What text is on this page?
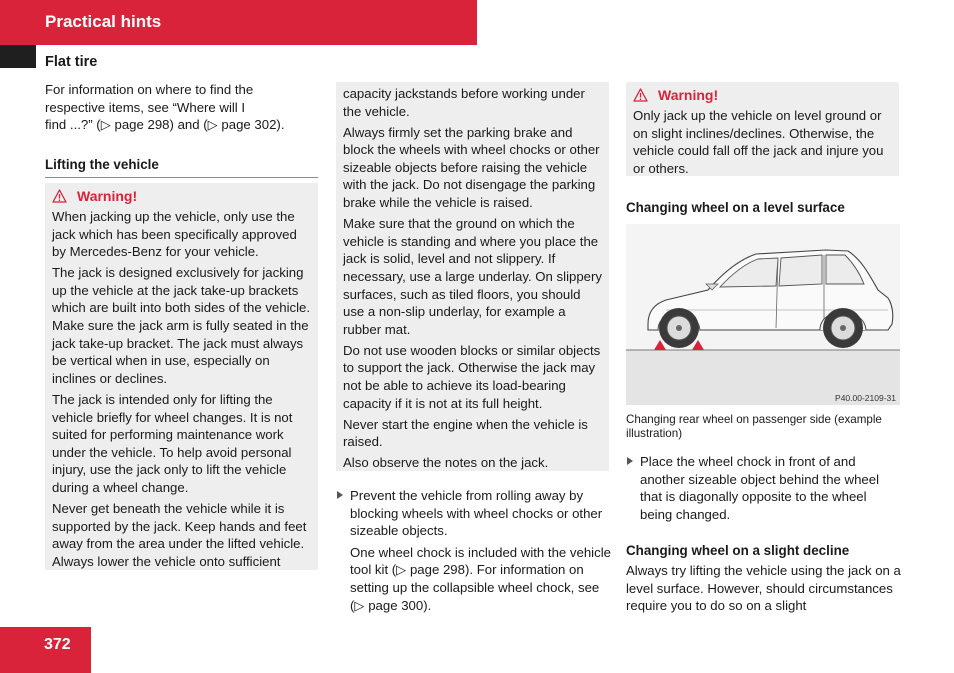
Practical hints
Flat tire

For information on where to find the
respective items, see “Where will I
find ...?” (▷ page 298) and (▷ page 302).

Lifting the vehicle
Warning!

When jacking up the vehicle, only use the jack which has been specifically approved by Mercedes-Benz for your vehicle.

The jack is designed exclusively for jacking up the vehicle at the jack take-up brackets which are built into both sides of the vehicle. Make sure the jack arm is fully seated in the jack take-up bracket. The jack must always be vertical when in use, especially on inclines or declines.

The jack is intended only for lifting the vehicle briefly for wheel changes. It is not suited for performing maintenance work under the vehicle. To help avoid personal injury, use the jack only to lift the vehicle during a wheel change.

Never get beneath the vehicle while it is supported by the jack. Keep hands and feet away from the area under the lifted vehicle. Always lower the vehicle onto sufficient

capacity jackstands before working under the vehicle.

Always firmly set the parking brake and block the wheels with wheel chocks or other sizeable objects before raising the vehicle with the jack. Do not disengage the parking brake while the vehicle is raised.

Make sure that the ground on which the vehicle is standing and where you place the jack is solid, level and not slippery. If necessary, use a large underlay. On slippery surfaces, such as tiled floors, you should use a non-slip underlay, for example a rubber mat.

Do not use wooden blocks or similar objects to support the jack. Otherwise the jack may not be able to achieve its load-bearing capacity if it is not at its full height.

Never start the engine when the vehicle is raised.

Also observe the notes on the jack.

Prevent the vehicle from rolling away by blocking wheels with wheel chocks or other sizeable objects.
One wheel chock is included with the vehicle tool kit (▷ page 298). For information on setting up the collapsible wheel chock, see (▷ page 300).
Warning!

Only jack up the vehicle on level ground or on slight inclines/declines. Otherwise, the vehicle could fall off the jack and injure you or others.

Changing wheel on a level surface
P40.00-2109-31
Changing rear wheel on passenger side (example illustration)
Place the wheel chock in front of and another sizeable object behind the wheel that is diagonally opposite to the wheel being changed.
Changing wheel on a slight decline

Always try lifting the vehicle using the jack on a level surface. However, should circumstances require you to do so on a slight

372
